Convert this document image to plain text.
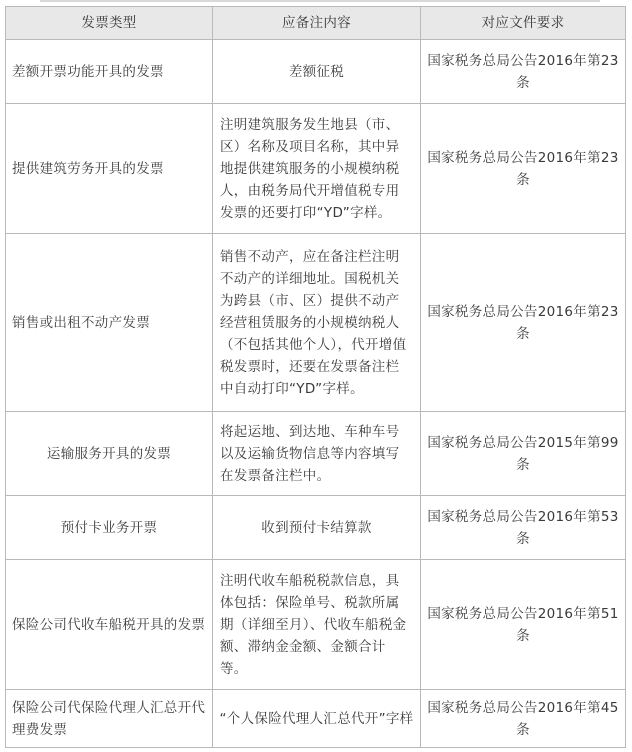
发票类型	应备注内容	对应文件要求
差额开票功能开具的发票	差额征税	国家税务总局公告2016年第23条
提供建筑劳务开具的发票	注明建筑服务发生地县（市、区）名称及项目名称，其中异地提供建筑服务的小规模纳税人，由税务局代开增值税专用发票的还要打印“YD”字样。	国家税务总局公告2016年第23条
销售或出租不动产发票	销售不动产，应在备注栏注明不动产的详细地址。国税机关为跨县（市、区）提供不动产经营租赁服务的小规模纳税人（不包括其他个人），代开增值税发票时，还要在发票备注栏中自动打印“YD”字样。	国家税务总局公告2016年第23条
运输服务开具的发票	将起运地、到达地、车种车号以及运输货物信息等内容填写在发票备注栏中。	国家税务总局公告2015年第99条
预付卡业务开票	收到预付卡结算款	国家税务总局公告2016年第53条
保险公司代收车船税开具的发票	注明代收车船税税款信息，具体包括：保险单号、税款所属期（详细至月）、代收车船税金额、滞纳金金额、金额合计等。	国家税务总局公告2016年第51条
保险公司代保险代理人汇总开代理费发票	“个人保险代理人汇总代开”字样	国家税务总局公告2016年第45条
